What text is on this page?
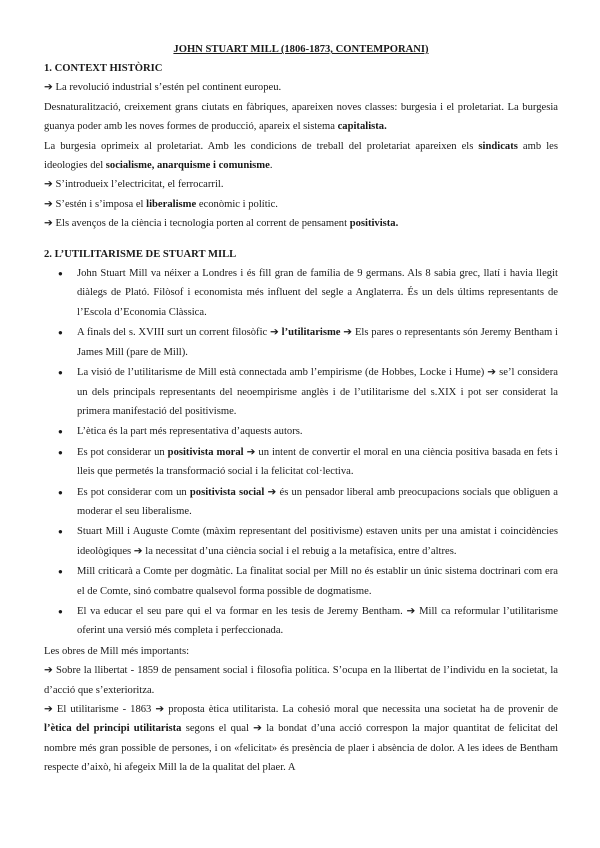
JOHN STUART MILL (1806-1873, CONTEMPORANI)

1. CONTEXT HISTÒRIC

➔ La revolució industrial s’estén pel continent europeu.

Desnaturalització, creixement grans ciutats en fàbriques, apareixen noves classes: burgesia i el proletariat. La burgesia guanya poder amb les noves formes de producció, apareix el sistema capitalista.

La burgesia oprimeix al proletariat. Amb les condicions de treball del proletariat apareixen els sindicats amb les ideologies del socialisme, anarquisme i comunisme.

➔ S’introdueix l’electricitat, el ferrocarril.

➔ S’estén i s’imposa el liberalisme econòmic i polític.

➔ Els avenços de la ciència i tecnologia porten al corrent de pensament positivista.

2. L’UTILITARISME DE STUART MILL

● John Stuart Mill va néixer a Londres i és fill gran de família de 9 germans. Als 8 sabia grec, llatí i havia llegit diàlegs de Plató. Filòsof i economista més influent del segle a Anglaterra. És un dels últims representants de l’Escola d’Economia Clàssica.
● A finals del s. XVIII surt un corrent filosòfic ➔ l’utilitarisme ➔ Els pares o representants són Jeremy Bentham i James Mill (pare de Mill).
● La visió de l’utilitarisme de Mill està connectada amb l’empirisme (de Hobbes, Locke i Hume) ➔ se’l considera un dels principals representants del neoempirisme anglès i de l’utilitarisme del s.XIX i pot ser considerat la primera manifestació del positivisme.
● L’ètica és la part més representativa d’aquests autors.
● Es pot considerar un positivista moral ➔ un intent de convertir el moral en una ciència positiva basada en fets i lleis que permetés la transformació social i la felicitat col·lectiva.
● Es pot considerar com un positivista social ➔ és un pensador liberal amb preocupacions socials que obliguen a moderar el seu liberalisme.
● Stuart Mill i Auguste Comte (màxim representant del positivisme) estaven units per una amistat i coincidències ideològiques ➔ la necessitat d’una ciència social i el rebuig a la metafísica, entre d’altres.
● Mill criticarà a Comte per dogmàtic. La finalitat social per Mill no és establir un únic sistema doctrinari com era el de Comte, sinó combatre qualsevol forma possible de dogmatisme.
● El va educar el seu pare qui el va formar en les tesis de Jeremy Bentham. ➔ Mill ca reformular l’utilitarisme oferint una versió més completa i perfeccionada.

Les obres de Mill més importants:

➔ Sobre la llibertat - 1859 de pensament social i filosofia política. S’ocupa en la llibertat de l’individu en la societat, la d’acció que s’exterioritza.

➔ El utilitarisme - 1863 ➔ proposta ètica utilitarista. La cohesió moral que necessita una societat ha de provenir de l’ètica del principi utilitarista segons el qual ➔ la bondat d’una acció correspon la major quantitat de felicitat del nombre més gran possible de persones, i on «felicitat» és presència de plaer i absència de dolor. A les idees de Bentham respecte d’això, hi afegeix Mill la de la qualitat del plaer. A
